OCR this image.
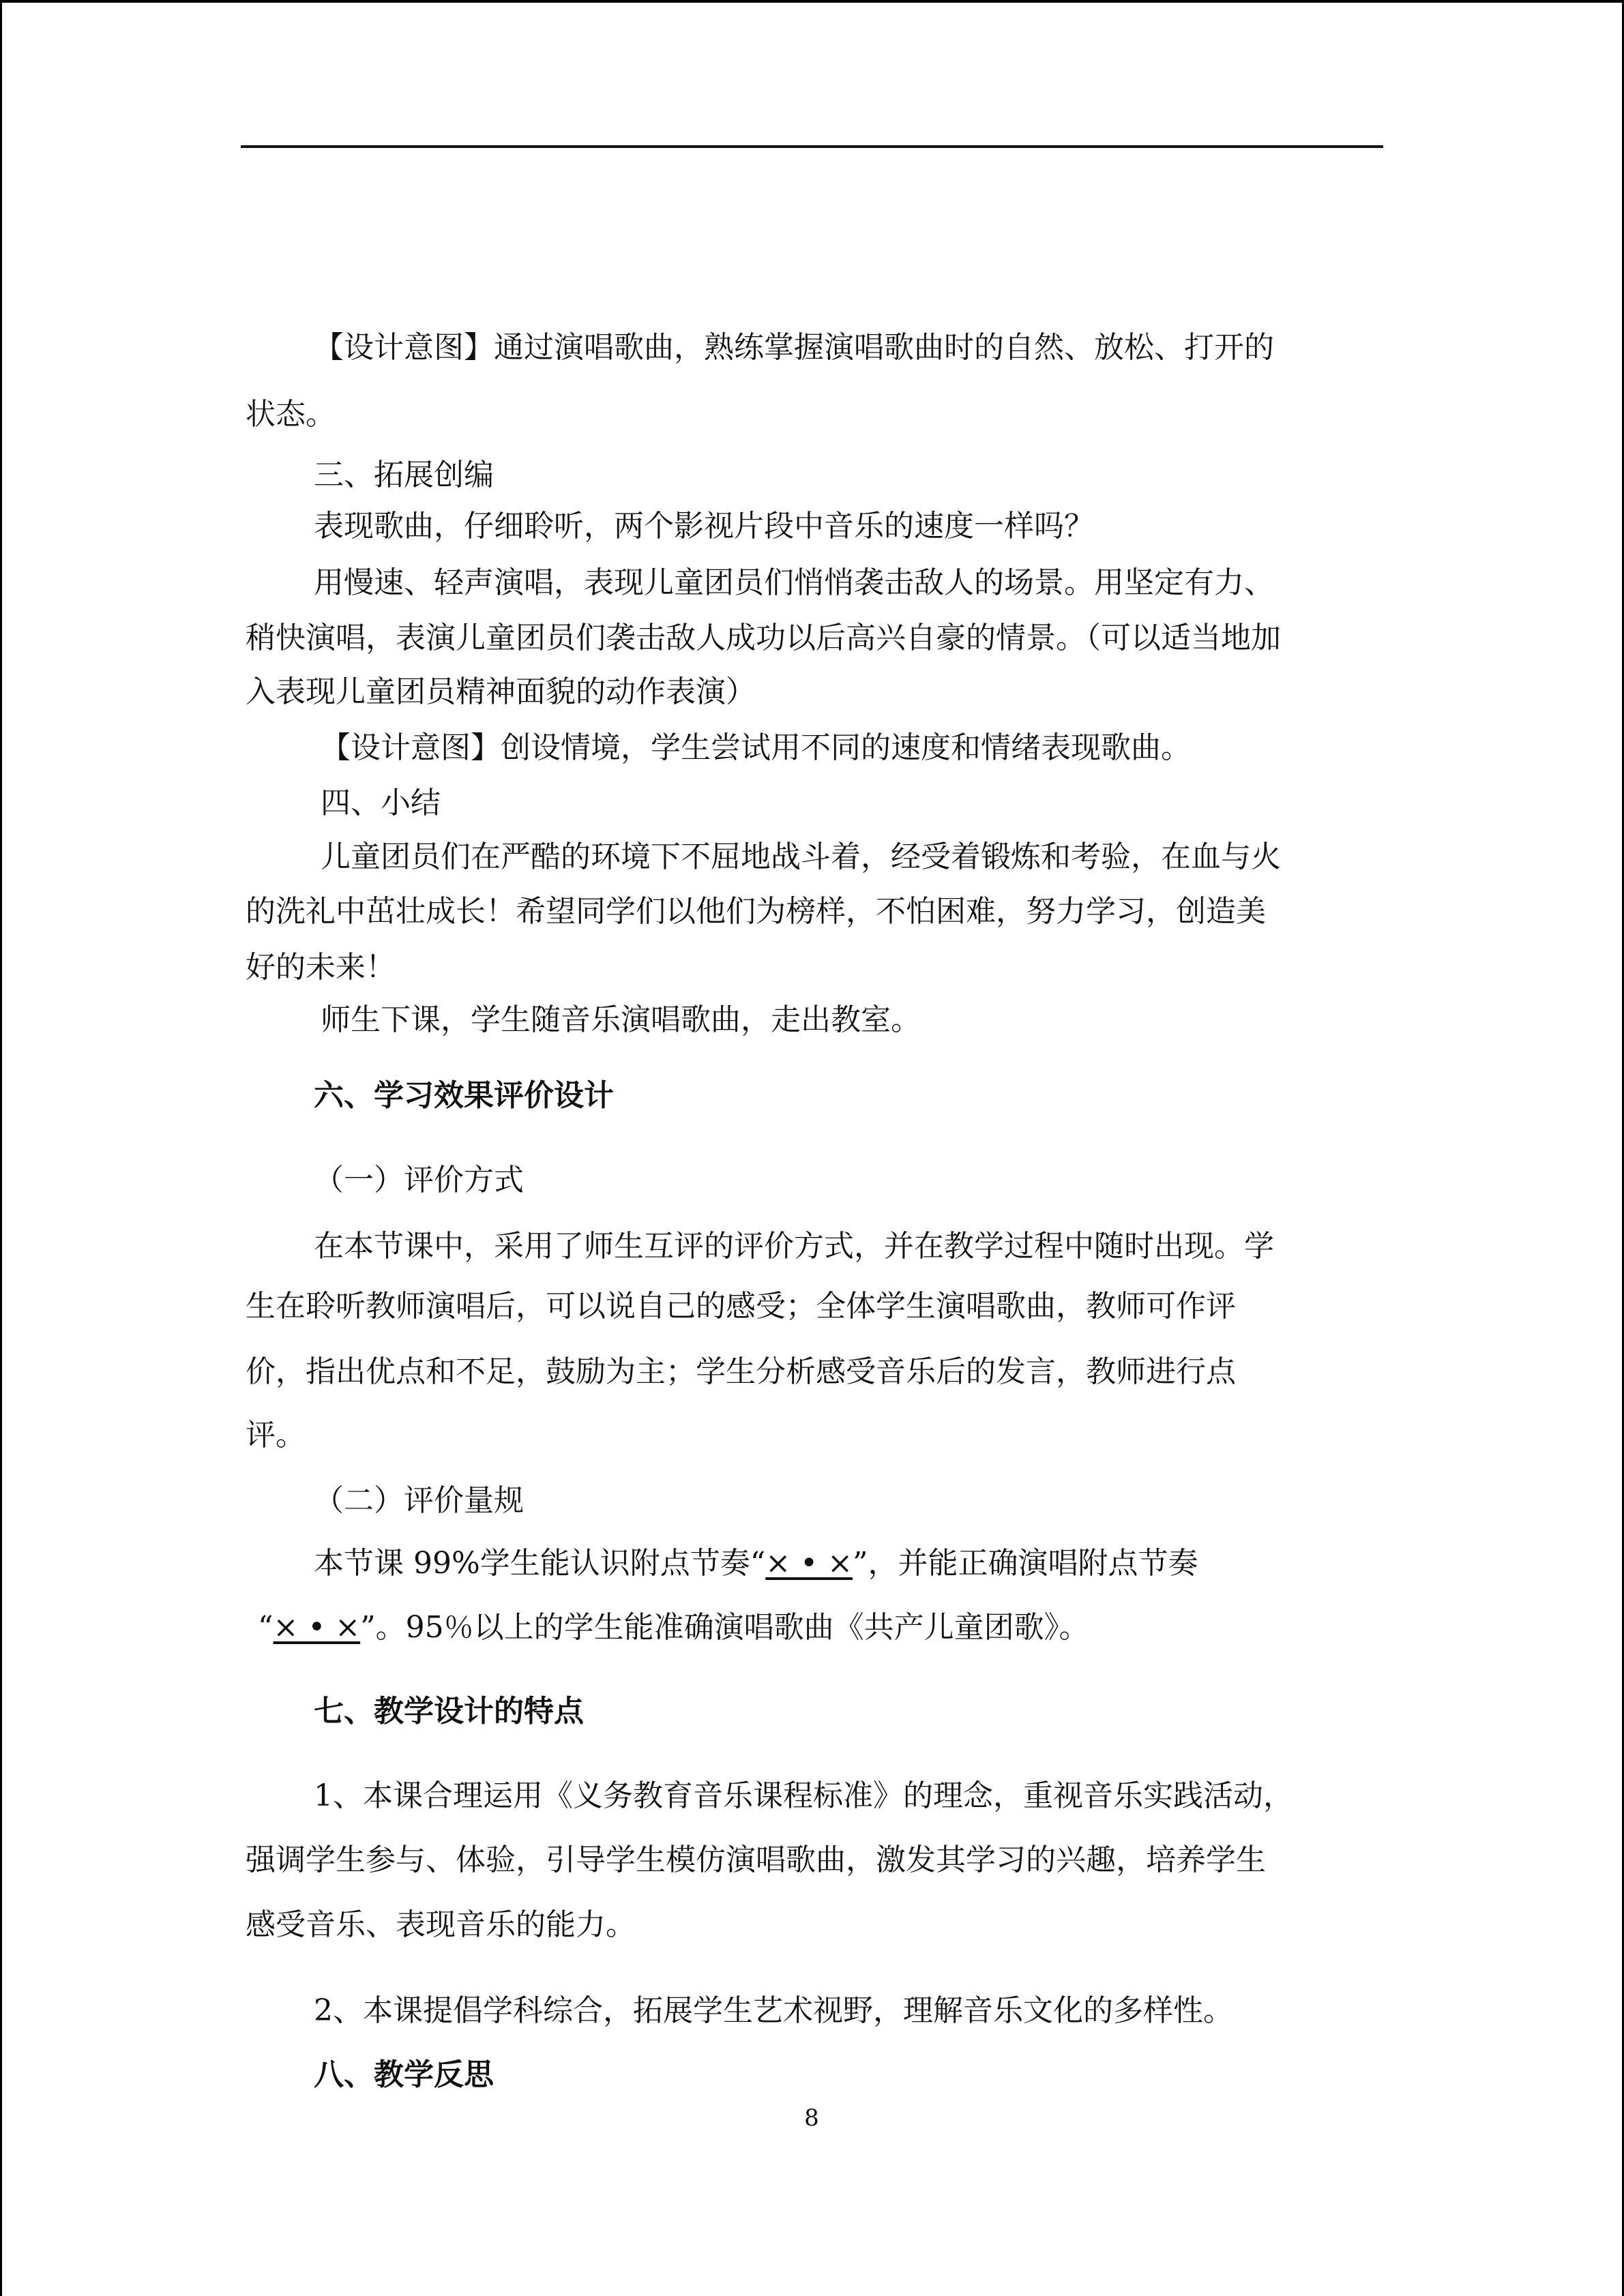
【设计意图】通过演唱歌曲，熟练掌握演唱歌曲时的自然、放松、打开的
状态。
三、拓展创编
表现歌曲，仔细聆听，两个影视片段中音乐的速度一样吗？
用慢速、轻声演唱，表现儿童团员们悄悄袭击敌人的场景。用坚定有力、
稍快演唱，表演儿童团员们袭击敌人成功以后高兴自豪的情景。（可以适当地加
入表现儿童团员精神面貌的动作表演）
【设计意图】创设情境，学生尝试用不同的速度和情绪表现歌曲。
四、小结
儿童团员们在严酷的环境下不屈地战斗着，经受着锻炼和考验，在血与火
的洗礼中茁壮成长！希望同学们以他们为榜样，不怕困难，努力学习，创造美
好的未来！
师生下课，学生随音乐演唱歌曲，走出教室。
六、学习效果评价设计
（一）评价方式
在本节课中，采用了师生互评的评价方式，并在教学过程中随时出现。学
生在聆听教师演唱后，可以说自己的感受；全体学生演唱歌曲，教师可作评
价，指出优点和不足，鼓励为主；学生分析感受音乐后的发言，教师进行点
评。
（二）评价量规
本节课 99%学生能认识附点节奏“× • ×”，并能正确演唱附点节奏
“× • ×”。95％以上的学生能准确演唱歌曲《共产儿童团歌》。
七、教学设计的特点
1、本课合理运用《义务教育音乐课程标准》的理念，重视音乐实践活动，
强调学生参与、体验，引导学生模仿演唱歌曲，激发其学习的兴趣，培养学生
感受音乐、表现音乐的能力。
2、本课提倡学科综合，拓展学生艺术视野，理解音乐文化的多样性。
八、教学反思
8
